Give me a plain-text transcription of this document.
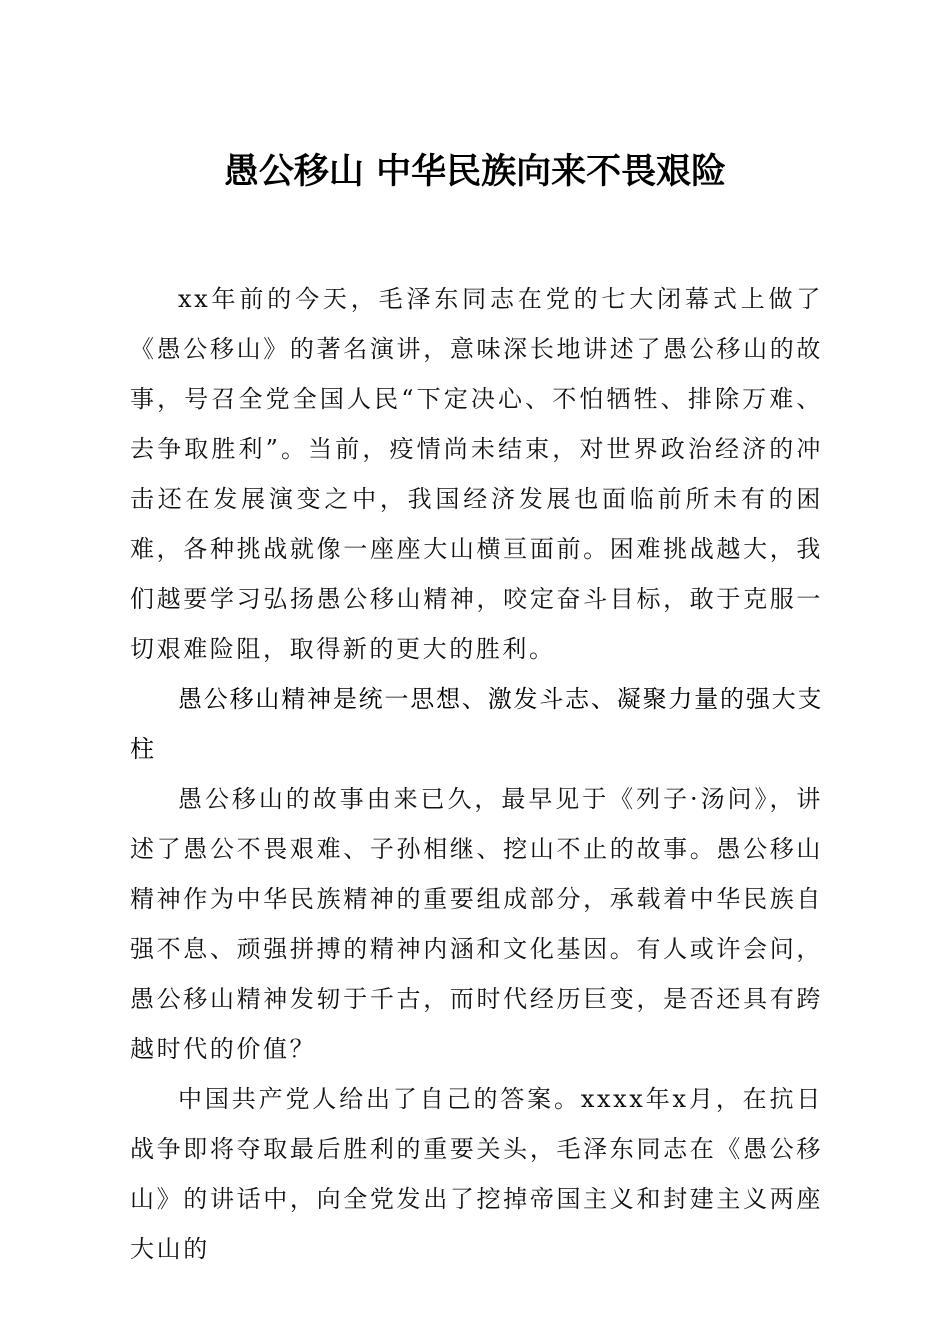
愚公移山 中华民族向来不畏艰险

xx年前的今天，毛泽东同志在党的七大闭幕式上做了《愚公移山》的著名演讲，意味深长地讲述了愚公移山的故事，号召全党全国人民“下定决心、不怕牺牲、排除万难、去争取胜利”。当前，疫情尚未结束，对世界政治经济的冲击还在发展演变之中，我国经济发展也面临前所未有的困难，各种挑战就像一座座大山横亘面前。困难挑战越大，我们越要学习弘扬愚公移山精神，咬定奋斗目标，敢于克服一切艰难险阻，取得新的更大的胜利。

愚公移山精神是统一思想、激发斗志、凝聚力量的强大支柱

愚公移山的故事由来已久，最早见于《列子·汤问》，讲述了愚公不畏艰难、子孙相继、挖山不止的故事。愚公移山精神作为中华民族精神的重要组成部分，承载着中华民族自强不息、顽强拼搏的精神内涵和文化基因。有人或许会问，愚公移山精神发轫于千古，而时代经历巨变，是否还具有跨越时代的价值？

中国共产党人给出了自己的答案。xxxx年x月，在抗日战争即将夺取最后胜利的重要关头，毛泽东同志在《愚公移山》的讲话中，向全党发出了挖掉帝国主义和封建主义两座大山的
